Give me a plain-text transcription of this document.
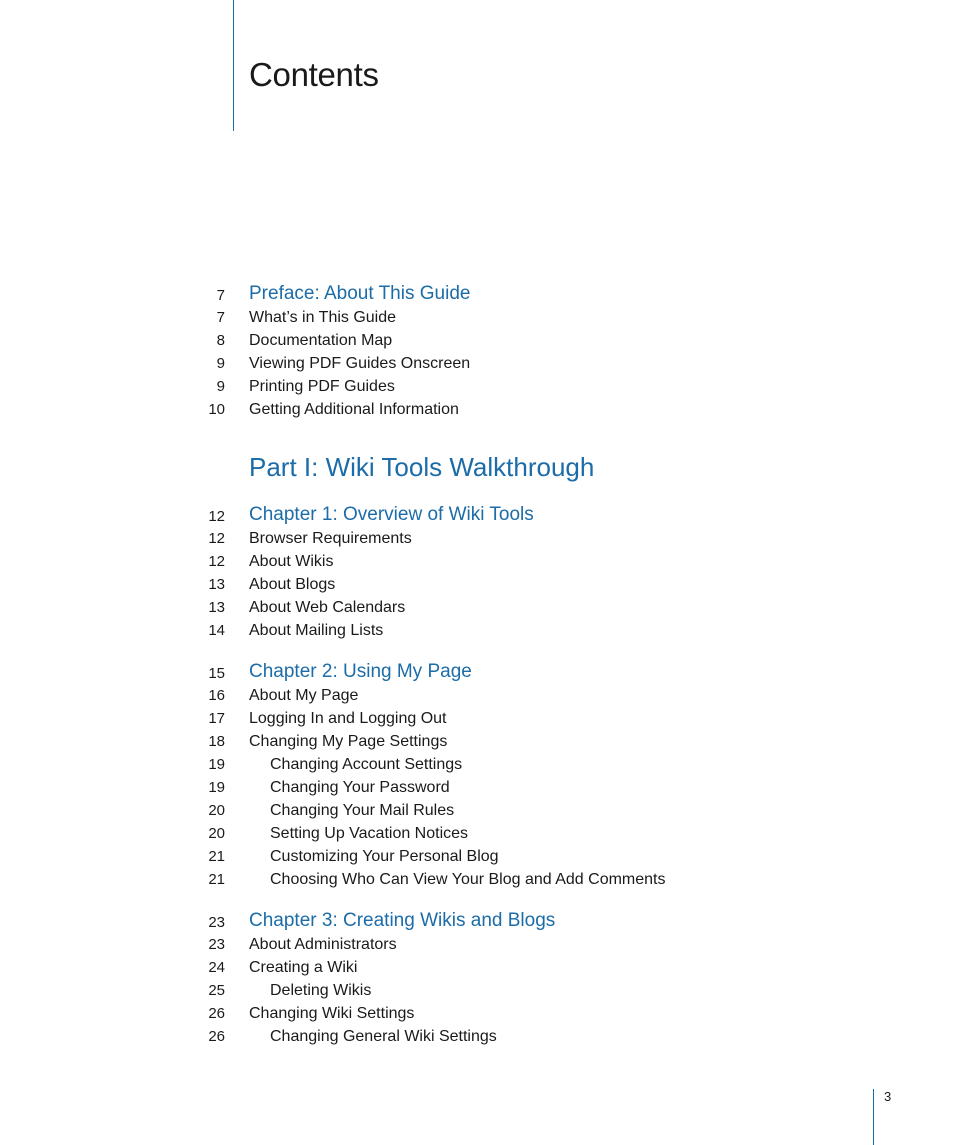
Contents
7 Preface: About This Guide
7 What’s in This Guide
8 Documentation Map
9 Viewing PDF Guides Onscreen
9 Printing PDF Guides
10 Getting Additional Information
Part I: Wiki Tools Walkthrough
12 Chapter 1: Overview of Wiki Tools
12 Browser Requirements
12 About Wikis
13 About Blogs
13 About Web Calendars
14 About Mailing Lists
15 Chapter 2: Using My Page
16 About My Page
17 Logging In and Logging Out
18 Changing My Page Settings
19	Changing Account Settings
19	Changing Your Password
20	Changing Your Mail Rules
20	Setting Up Vacation Notices
21	Customizing Your Personal Blog
21	Choosing Who Can View Your Blog and Add Comments
23 Chapter 3: Creating Wikis and Blogs
23 About Administrators
24 Creating a Wiki
25	Deleting Wikis
26 Changing Wiki Settings
26	Changing General Wiki Settings
3
